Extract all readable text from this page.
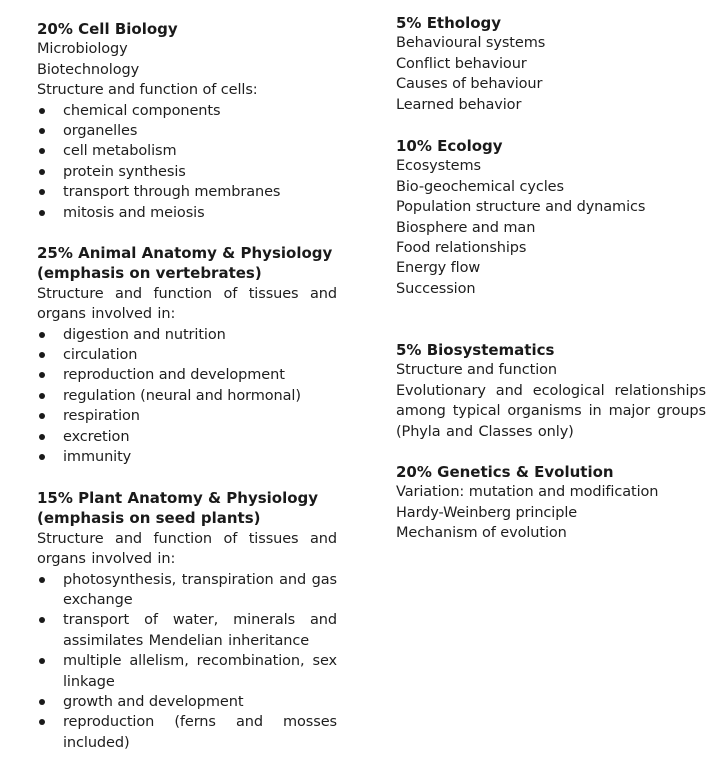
20% Cell Biology

Microbiology

Biotechnology

Structure and function of cells:

chemical components
organelles
cell metabolism
protein synthesis
transport through membranes
mitosis and meiosis

25% Animal Anatomy & Physiology

(emphasis on vertebrates)

Structure and function of tissues and organs involved in:

digestion and nutrition
circulation
reproduction and development
regulation (neural and hormonal)
respiration
excretion
immunity

15% Plant Anatomy & Physiology

(emphasis on seed plants)

Structure and function of tissues and organs involved in:

photosynthesis, transpiration and gas exchange
transport of water, minerals and assimilates Mendelian inheritance
multiple allelism, recombination, sex linkage
growth and development
reproduction (ferns and mosses included)

5% Ethology

Behavioural systems

Conflict behaviour

Causes of behaviour

Learned behavior

10% Ecology

Ecosystems

Bio-geochemical cycles

Population structure and dynamics

Biosphere and man

Food relationships

Energy flow

Succession

5% Biosystematics

Structure and function

Evolutionary and ecological relationships among typical organisms in major groups (Phyla and Classes only)

20% Genetics & Evolution

Variation: mutation and modification

Hardy-Weinberg principle

Mechanism of evolution
